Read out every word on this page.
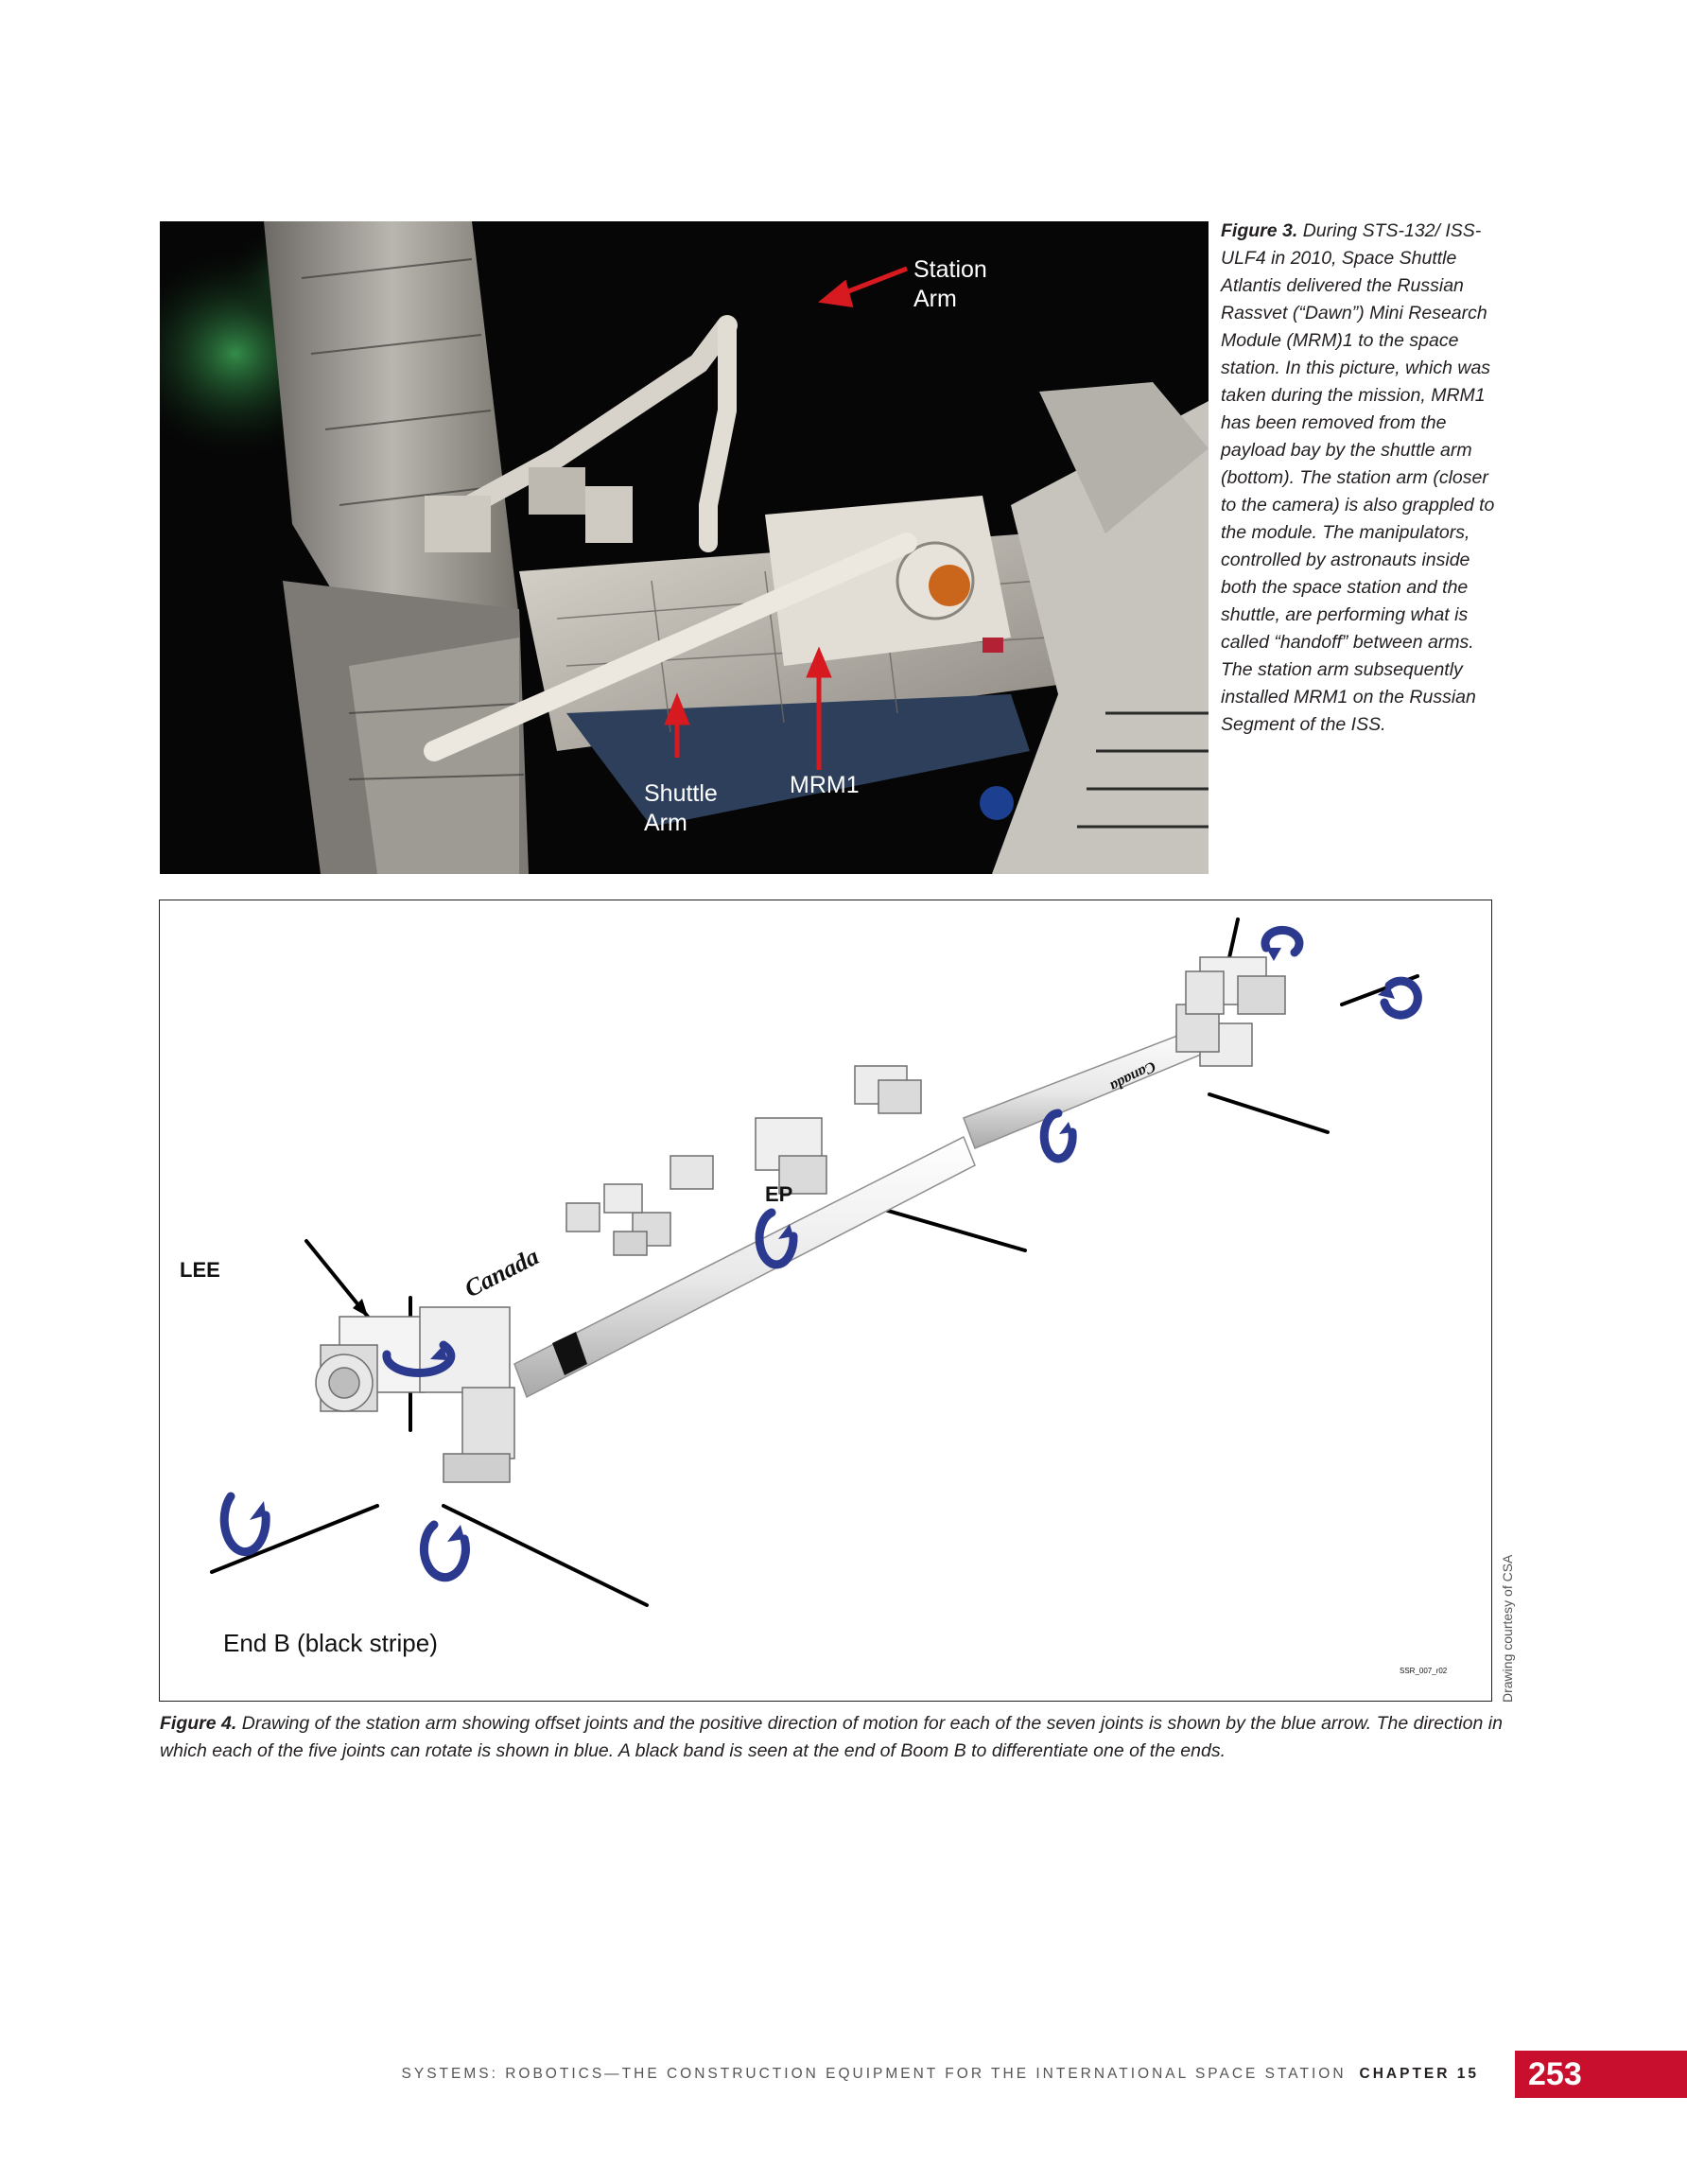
Station
Arm
Shuttle
Arm
MRM1
Figure 3. During STS-132/ ISS-ULF4 in 2010, Space Shuttle Atlantis delivered the Russian Rassvet (“Dawn”) Mini Research Module (MRM)1 to the space station. In this picture, which was taken during the mission, MRM1 has been removed from the payload bay by the shuttle arm (bottom). The station arm (closer to the camera) is also grappled to the module. The manipulators, controlled by astronauts inside both the space station and the shuttle, are performing what is called “handoff” between arms. The station arm subsequently installed MRM1 on the Russian Segment of the ISS.
Canada
Canada
LEE
EP
End B (black stripe)
SSR_007_r02	Drawing courtesy of CSA
Figure 4. Drawing of the station arm showing offset joints and the positive direction of motion for each of the seven joints is shown by the blue arrow. The direction in which each of the five joints can rotate is shown in blue. A black band is seen at the end of Boom B to differentiate one of the ends.
SYSTEMS: ROBOTICS—THE CONSTRUCTION EQUIPMENT FOR THE INTERNATIONAL SPACE STATION CHAPTER 15	253
